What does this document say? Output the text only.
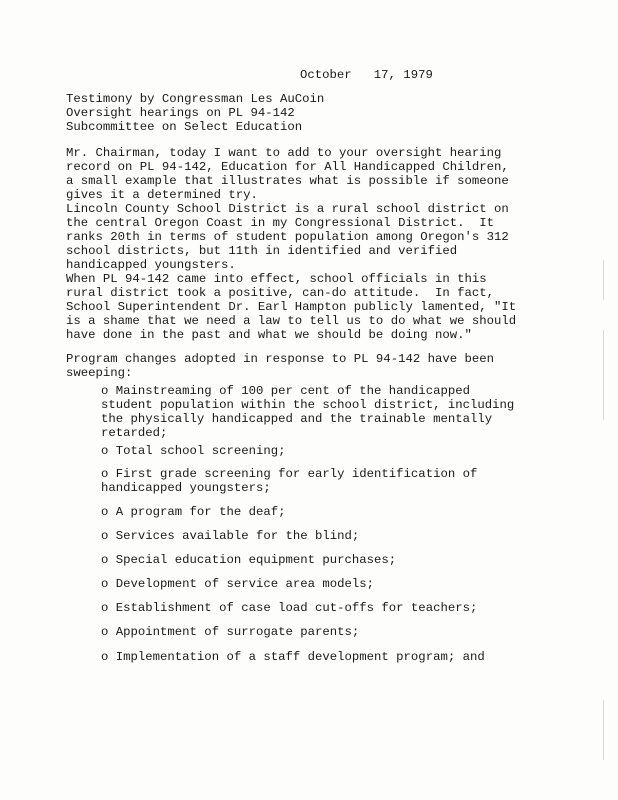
October   17, 1979
Testimony by Congressman Les AuCoin
Oversight hearings on PL 94-142
Subcommittee on Select Education
Mr. Chairman, today I want to add to your oversight hearing
record on PL 94-142, Education for All Handicapped Children,
a small example that illustrates what is possible if someone
gives it a determined try.
Lincoln County School District is a rural school district on
the central Oregon Coast in my Congressional District.  It
ranks 20th in terms of student population among Oregon's 312
school districts, but 11th in identified and verified
handicapped youngsters.
When PL 94-142 came into effect, school officials in this
rural district took a positive, can-do attitude.  In fact,
School Superintendent Dr. Earl Hampton publicly lamented, "It
is a shame that we need a law to tell us to do what we should
have done in the past and what we should be doing now."
Program changes adopted in response to PL 94-142 have been
sweeping:
o Mainstreaming of 100 per cent of the handicapped
student population within the school district, including
the physically handicapped and the trainable mentally
retarded;
o Total school screening;
o First grade screening for early identification of
handicapped youngsters;
o A program for the deaf;
o Services available for the blind;
o Special education equipment purchases;
o Development of service area models;
o Establishment of case load cut-offs for teachers;
o Appointment of surrogate parents;
o Implementation of a staff development program; and
